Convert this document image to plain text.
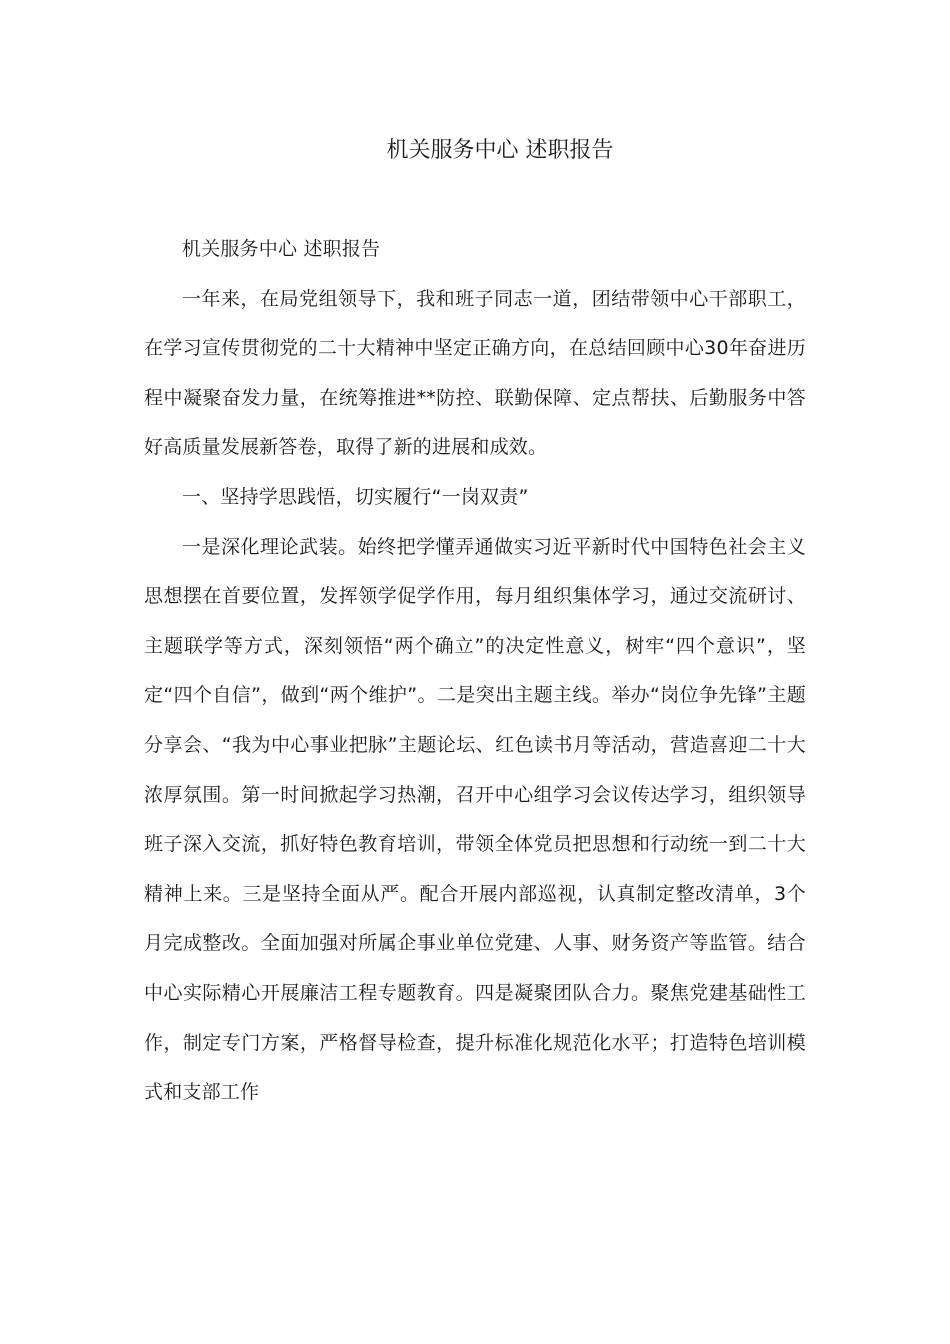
机关服务中心 述职报告

机关服务中心 述职报告

一年来，在局党组领导下，我和班子同志一道，团结带领中心干部职工，在学习宣传贯彻党的二十大精神中坚定正确方向，在总结回顾中心30年奋进历程中凝聚奋发力量，在统筹推进**防控、联勤保障、定点帮扶、后勤服务中答好高质量发展新答卷，取得了新的进展和成效。

一、坚持学思践悟，切实履行“一岗双责”

一是深化理论武装。始终把学懂弄通做实习近平新时代中国特色社会主义思想摆在首要位置，发挥领学促学作用，每月组织集体学习，通过交流研讨、主题联学等方式，深刻领悟“两个确立”的决定性意义，树牢“四个意识”，坚定“四个自信”，做到“两个维护”。二是突出主题主线。举办“岗位争先锋”主题分享会、“我为中心事业把脉”主题论坛、红色读书月等活动，营造喜迎二十大浓厚氛围。第一时间掀起学习热潮，召开中心组学习会议传达学习，组织领导班子深入交流，抓好特色教育培训，带领全体党员把思想和行动统一到二十大精神上来。三是坚持全面从严。配合开展内部巡视，认真制定整改清单，3个月完成整改。全面加强对所属企事业单位党建、人事、财务资产等监管。结合中心实际精心开展廉洁工程专题教育。四是凝聚团队合力。聚焦党建基础性工作，制定专门方案，严格督导检查，提升标准化规范化水平；打造特色培训模式和支部工作
